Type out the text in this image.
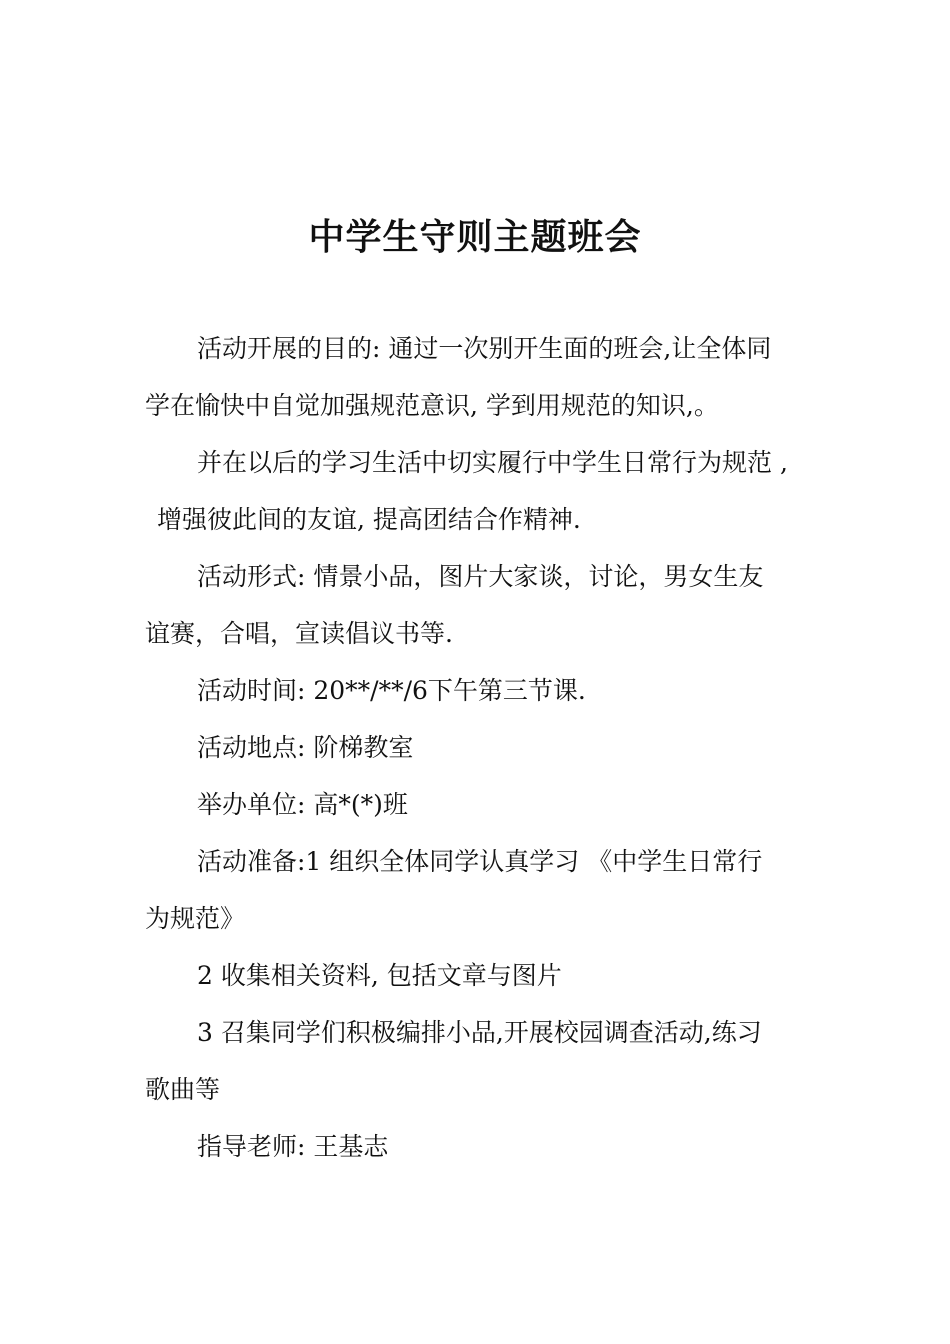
中学生守则主题班会

活动开展的目的: 通过一次别开生面的班会,让全体同

学在愉快中自觉加强规范意识, 学到用规范的知识,。

并在以后的学习生活中切实履行中学生日常行为规范 ,

增强彼此间的友谊, 提高团结合作精神.

活动形式: 情景小品，图片大家谈，讨论，男女生友

谊赛，合唱，宣读倡议书等.

活动时间: 20**/**/6下午第三节课.

活动地点: 阶梯教室

举办单位: 高*(*)班

活动准备:1 组织全体同学认真学习 《中学生日常行

为规范》

2 收集相关资料, 包括文章与图片

3 召集同学们积极编排小品,开展校园调查活动,练习

歌曲等

指导老师: 王基志
